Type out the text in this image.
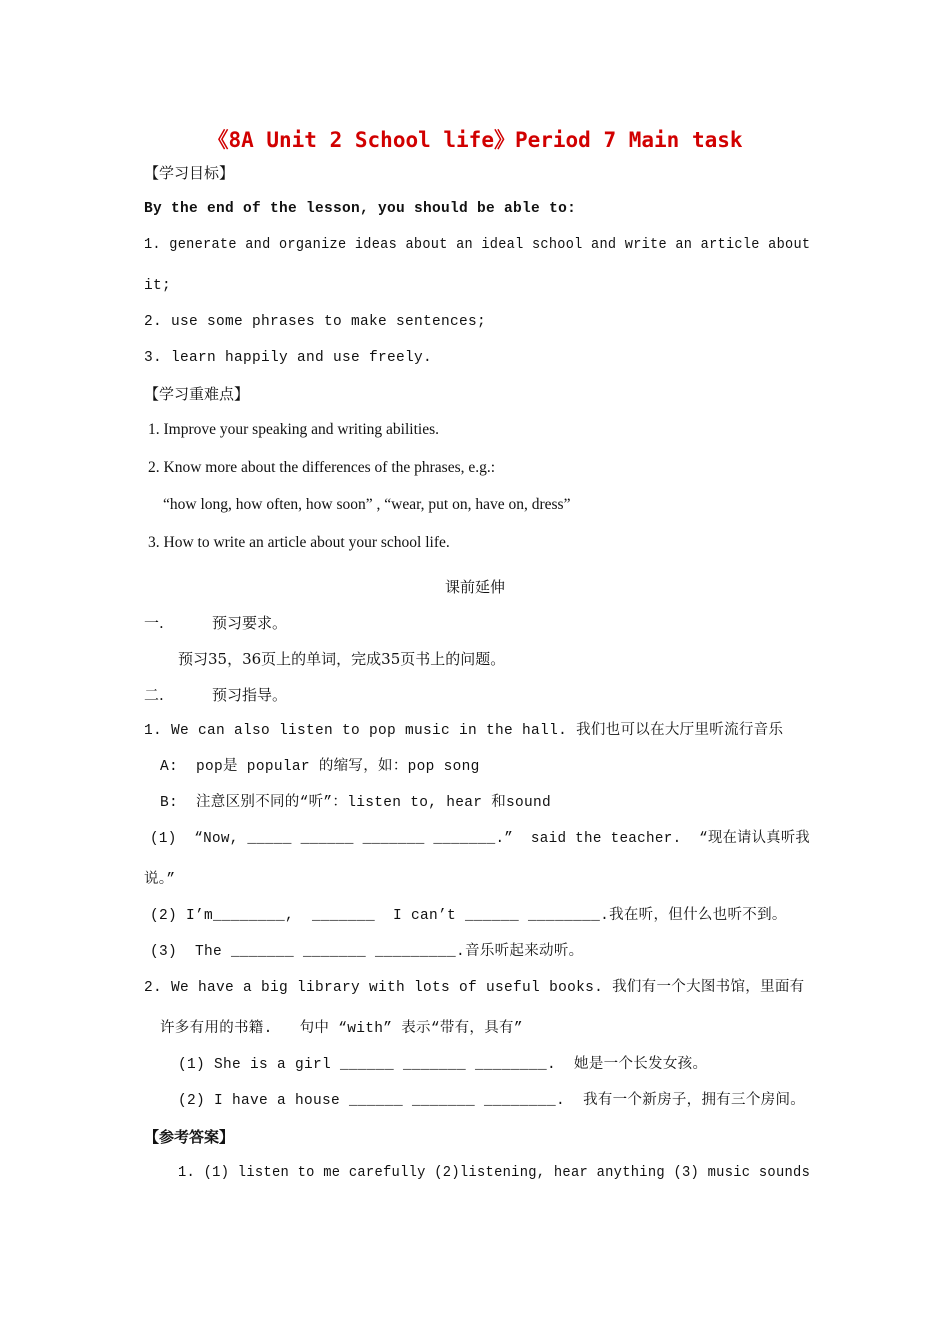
《8A Unit 2 School life》Period 7 Main task
【学习目标】
By the end of the lesson, you should be able to:
1. generate and organize ideas about an ideal school and write an article about
it;
2. use some phrases to make sentences;
3. learn happily and use freely.
【学习重难点】
1. Improve your speaking and writing abilities.
2. Know more about the differences of the phrases, e.g.:
“how long, how often, how soon” , “wear, put on, have on, dress”
3. How to write an article about your school life.
课前延伸
一.	预习要求。
预习35，36页上的单词，完成35页书上的问题。
二.	预习指导。
1. We can also listen to pop music in the hall. 我们也可以在大厅里听流行音乐
A:  pop是 popular 的缩写，如：pop song
B:  注意区别不同的“听”：listen to, hear 和sound
(1)  “Now, _____ ______ _______ _______.”  said the teacher.  “现在请认真听我
说。”
(2) I’m________,  _______  I can’t ______ ________.我在听，但什么也听不到。
(3)  The _______ _______ _________.音乐听起来动听。
2. We have a big library with lots of useful books. 我们有一个大图书馆，里面有
许多有用的书籍.   句中 “with” 表示“带有，具有”
(1) She is a girl ______ _______ ________.  她是一个长发女孩。
(2) I have a house ______ _______ ________.  我有一个新房子，拥有三个房间。
【参考答案】
1. (1) listen to me carefully (2)listening, hear anything (3) music sounds
